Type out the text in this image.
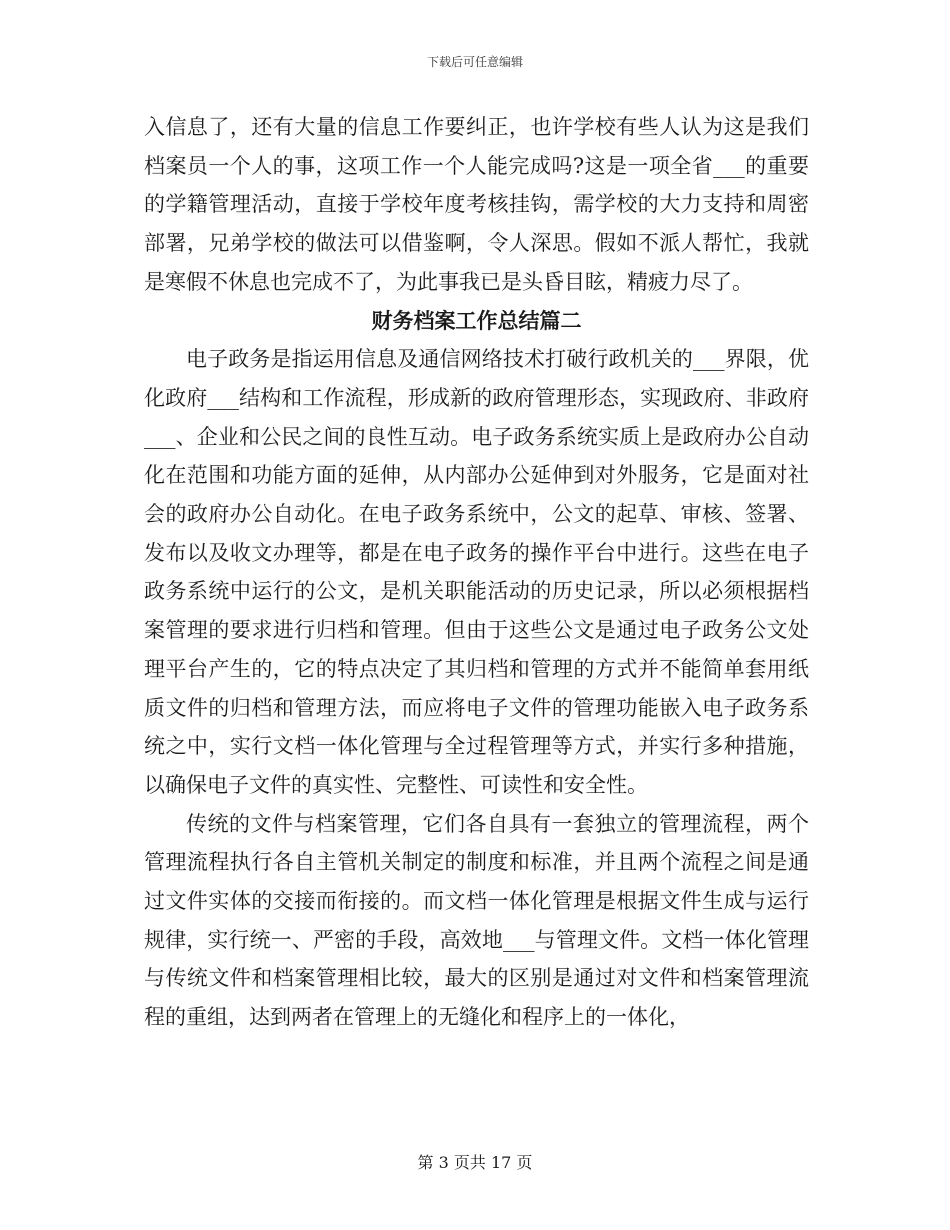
下载后可任意编辑

入信息了，还有大量的信息工作要纠正，也许学校有些人认为这是我们档案员一个人的事，这项工作一个人能完成吗?这是一项全省___的重要的学籍管理活动，直接于学校年度考核挂钩，需学校的大力支持和周密部署，兄弟学校的做法可以借鉴啊，令人深思。假如不派人帮忙，我就是寒假不休息也完成不了，为此事我已是头昏目眩，精疲力尽了。

财务档案工作总结篇二

电子政务是指运用信息及通信网络技术打破行政机关的___界限，优化政府___结构和工作流程，形成新的政府管理形态，实现政府、非政府___、企业和公民之间的良性互动。电子政务系统实质上是政府办公自动化在范围和功能方面的延伸，从内部办公延伸到对外服务，它是面对社会的政府办公自动化。在电子政务系统中，公文的起草、审核、签署、发布以及收文办理等，都是在电子政务的操作平台中进行。这些在电子政务系统中运行的公文，是机关职能活动的历史记录，所以必须根据档案管理的要求进行归档和管理。但由于这些公文是通过电子政务公文处理平台产生的，它的特点决定了其归档和管理的方式并不能简单套用纸质文件的归档和管理方法，而应将电子文件的管理功能嵌入电子政务系统之中，实行文档一体化管理与全过程管理等方式，并实行多种措施，以确保电子文件的真实性、完整性、可读性和安全性。

传统的文件与档案管理，它们各自具有一套独立的管理流程，两个管理流程执行各自主管机关制定的制度和标准，并且两个流程之间是通过文件实体的交接而衔接的。而文档一体化管理是根据文件生成与运行规律，实行统一、严密的手段，高效地___与管理文件。文档一体化管理与传统文件和档案管理相比较，最大的区别是通过对文件和档案管理流程的重组，达到两者在管理上的无缝化和程序上的一体化，

第 3 页共 17 页
